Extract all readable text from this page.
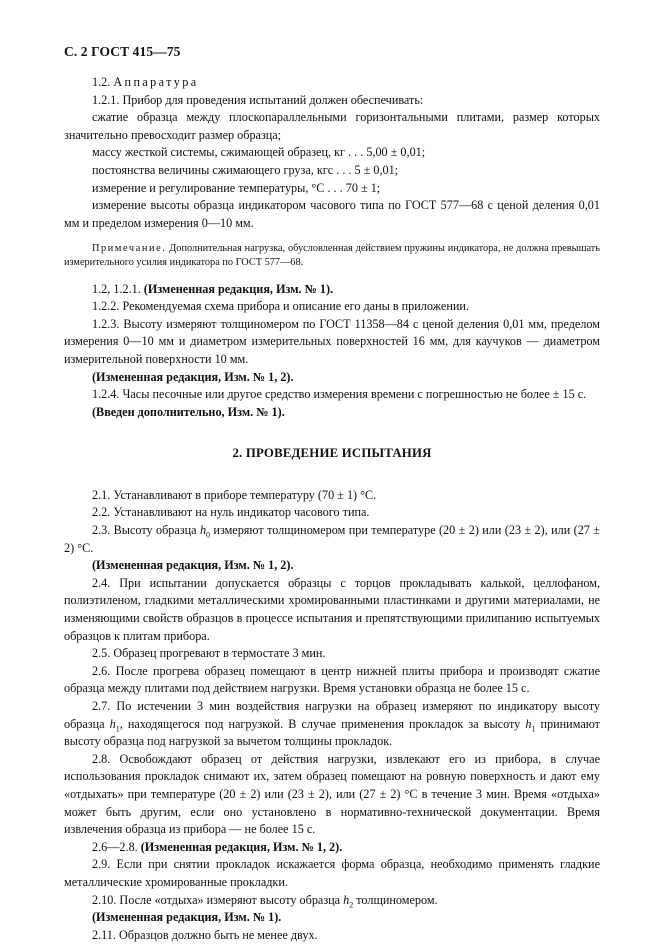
С. 2 ГОСТ 415—75

1.2. Аппаратура

1.2.1. Прибор для проведения испытаний должен обеспечивать:

сжатие образца между плоскопараллельными горизонтальными плитами, размер которых значительно превосходит размер образца;

массу жесткой системы, сжимающей образец, кг . . . 5,00 ± 0,01;

постоянства величины сжимающего груза, кгс . . . 5 ± 0,01;

измерение и регулирование температуры, °С . . . 70 ± 1;

измерение высоты образца индикатором часового типа по ГОСТ 577—68 с ценой деления 0,01 мм и пределом измерения 0—10 мм.

Примечание. Дополнительная нагрузка, обусловленная действием пружины индикатора, не должна превышать измерительного усилия индикатора по ГОСТ 577—68.

1.2, 1.2.1. (Измененная редакция, Изм. № 1).

1.2.2. Рекомендуемая схема прибора и описание его даны в приложении.

1.2.3. Высоту измеряют толщиномером по ГОСТ 11358—84 с ценой деления 0,01 мм, пределом измерения 0—10 мм и диаметром измерительных поверхностей 16 мм, для каучуков — диаметром измерительной поверхности 10 мм.

(Измененная редакция, Изм. № 1, 2).

1.2.4. Часы песочные или другое средство измерения времени с погрешностью не более ± 15 с.

(Введен дополнительно, Изм. № 1).

2. ПРОВЕДЕНИЕ ИСПЫТАНИЯ

2.1. Устанавливают в приборе температуру (70 ± 1) °С.

2.2. Устанавливают на нуль индикатор часового типа.

2.3. Высоту образца $h_0$ измеряют толщиномером при температуре (20 ± 2) или (23 ± 2), или (27 ± 2) °С.

(Измененная редакция, Изм. № 1, 2).

2.4. При испытании допускается образцы с торцов прокладывать калькой, целлофаном, полиэтиленом, гладкими металлическими хромированными пластинками и другими материалами, не изменяющими свойств образцов в процессе испытания и препятствующими прилипанию испытуемых образцов к плитам прибора.

2.5. Образец прогревают в термостате 3 мин.

2.6. После прогрева образец помещают в центр нижней плиты прибора и производят сжатие образца между плитами под действием нагрузки. Время установки образца не более 15 с.

2.7. По истечении 3 мин воздействия нагрузки на образец измеряют по индикатору высоту образца $h_1$, находящегося под нагрузкой. В случае применения прокладок за высоту $h_1$ принимают высоту образца под нагрузкой за вычетом толщины прокладок.

2.8. Освобождают образец от действия нагрузки, извлекают его из прибора, в случае использования прокладок снимают их, затем образец помещают на ровную поверхность и дают ему «отдыхать» при температуре (20 ± 2) или (23 ± 2), или (27 ± 2) °С в течение 3 мин. Время «отдыха» может быть другим, если оно установлено в нормативно-технической документации. Время извлечения образца из прибора — не более 15 с.

2.6—2.8. (Измененная редакция, Изм. № 1, 2).

2.9. Если при снятии прокладок искажается форма образца, необходимо применять гладкие металлические хромированные прокладки.

2.10. После «отдыха» измеряют высоту образца $h_2$ толщиномером.

(Измененная редакция, Изм. № 1).

2.11. Образцов должно быть не менее двух.
